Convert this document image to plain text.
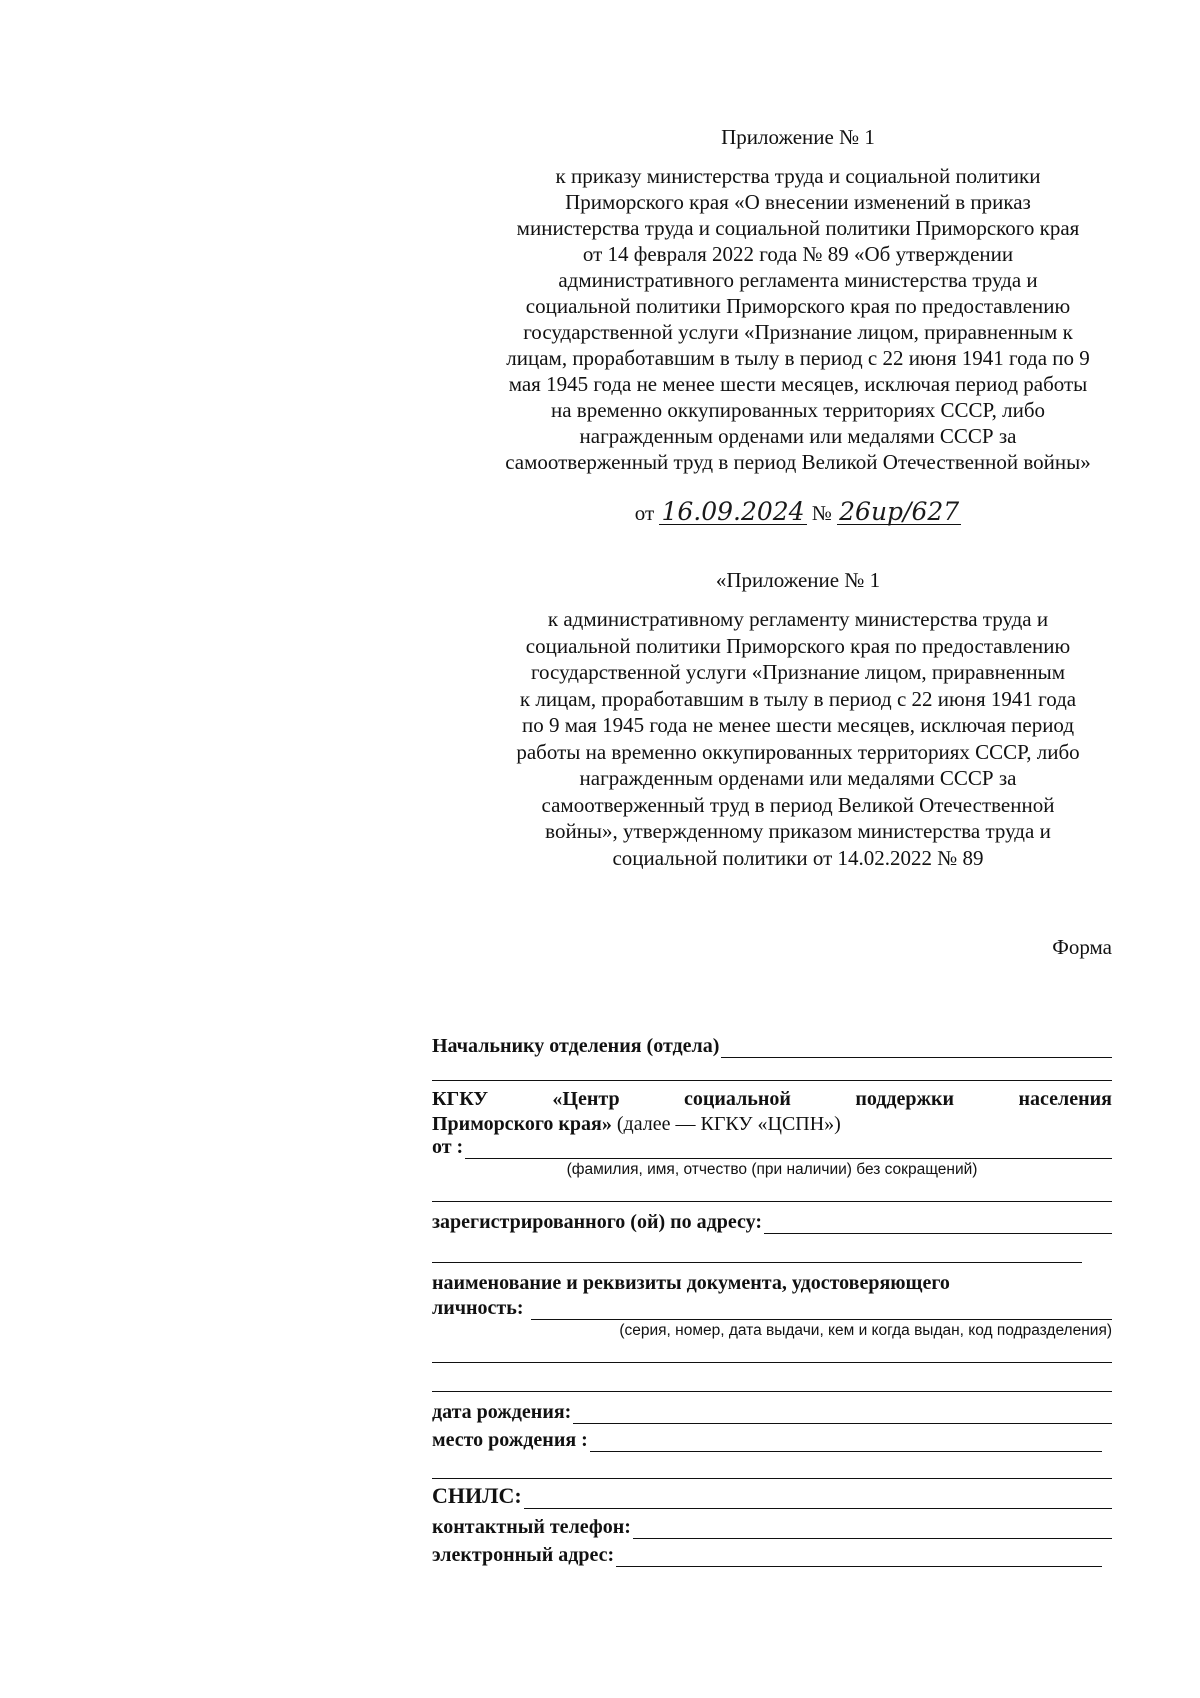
Приложение № 1
к приказу министерства труда и социальной политики
Приморского края «О внесении изменений в приказ
министерства труда и социальной политики Приморского края
от 14 февраля 2022 года № 89 «Об утверждении
административного регламента министерства труда и
социальной политики Приморского края по предоставлению
государственной услуги «Признание лицом, приравненным к
лицам, проработавшим в тылу в период с 22 июня 1941 года по 9
мая 1945 года не менее шести месяцев, исключая период работы
на временно оккупированных территориях СССР, либо
награжденным орденами или медалями СССР за
самоотверженный труд в период Великой Отечественной войны»
от 16.09.2024 № 26ир/627
«Приложение № 1
к административному регламенту министерства труда и
социальной политики Приморского края по предоставлению
государственной услуги «Признание лицом, приравненным
к лицам, проработавшим в тылу в период с 22 июня 1941 года
по 9 мая 1945 года не менее шести месяцев, исключая период
работы на временно оккупированных территориях СССР, либо
награжденным орденами или медалями СССР за
самоотверженный труд в период Великой Отечественной
войны», утвержденному приказом министерства труда и
социальной политики от 14.02.2022 № 89
Форма
Начальнику отделения (отдела)
КГКУ «Центр социальной поддержки населения
Приморского края» (далее — КГКУ «ЦСПН»)
от :
(фамилия, имя, отчество (при наличии) без сокращений)
зарегистрированного (ой) по адресу:
наименование и реквизиты документа, удостоверяющего
личность:
(серия, номер, дата выдачи, кем и когда выдан, код подразделения)
дата рождения:
место рождения :
СНИЛС:
контактный телефон:
электронный адрес:
